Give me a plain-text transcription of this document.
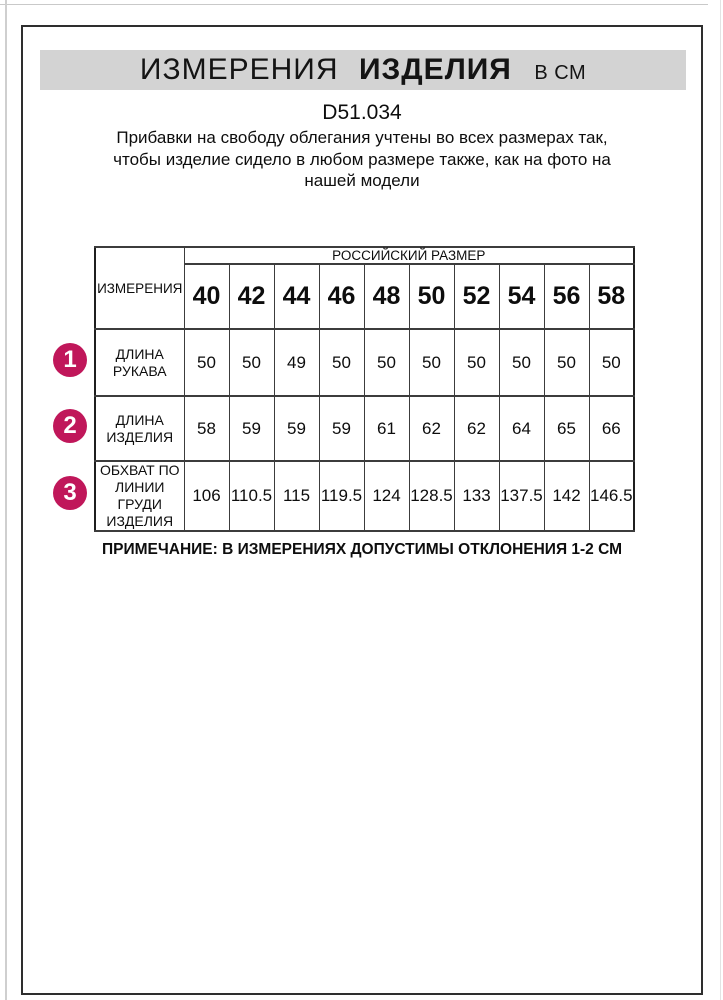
ИЗМЕРЕНИЯ ИЗДЕЛИЯ В СМ
D51.034
Прибавки на свободу облегания учтены во всех размерах так, чтобы изделие сидело в любом размере также, как на фото на нашей модели
ИЗМЕРЕНИЯ	РОССИЙСКИЙ РАЗМЕР									
	40	42	44	46	48	50	52	54	56	58
ДЛИНА РУКАВА	50	50	49	50	50	50	50	50	50	50
ДЛИНА ИЗДЕЛИЯ	58	59	59	59	61	62	62	64	65	66
ОБХВАТ ПО ЛИНИИ ГРУДИ ИЗДЕЛИЯ	106	110.5	115	119.5	124	128.5	133	137.5	142	146.5
1
2
3
ПРИМЕЧАНИЕ: В ИЗМЕРЕНИЯХ ДОПУСТИМЫ ОТКЛОНЕНИЯ 1-2 СМ
